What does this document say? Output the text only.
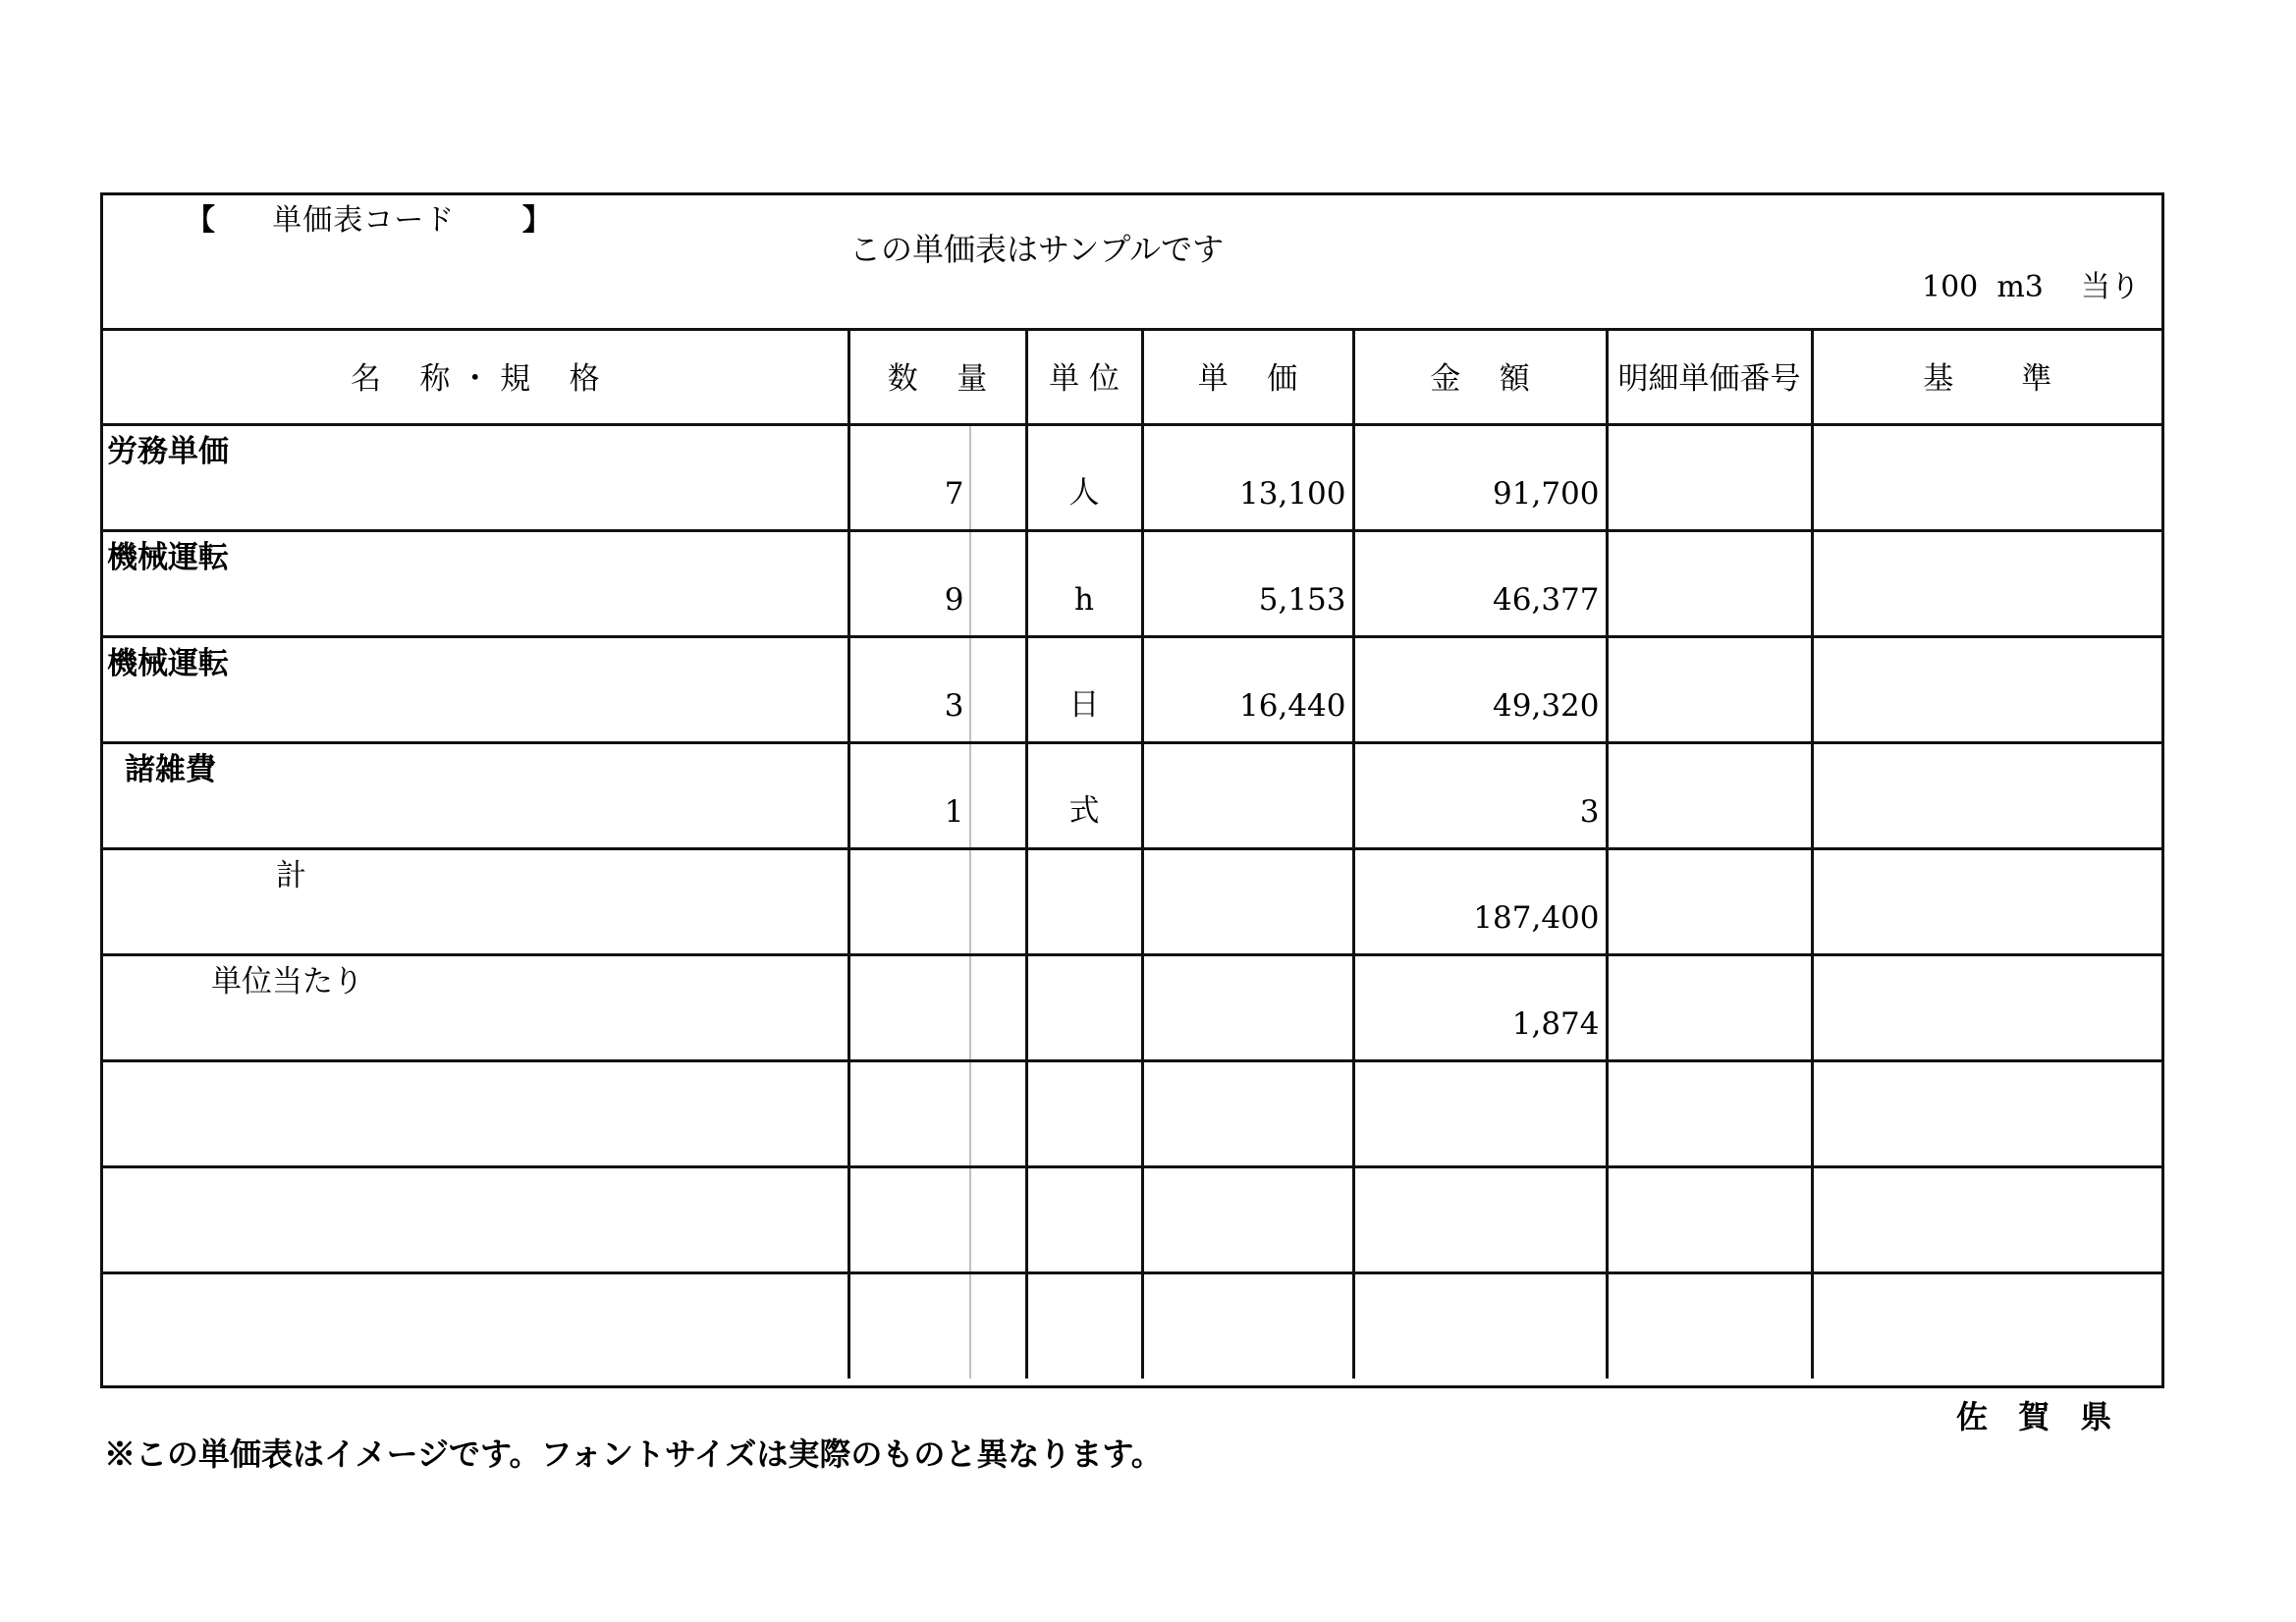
【 単価表コード 】
この単価表はサンプルです
100  m3    当り
名    称 ・ 規    格	数    量	単 位	単    価	金    額	明細単価番号	基       準

労務単価	7	人	13,100	91,700		

機械運転	9	h	5,153	46,377		

機械運転	3	日	16,440	49,320		

諸雑費	1	式		3		

計				187,400		

単位当たり				1,874		

佐 賀 県
※この単価表はイメージです。フォントサイズは実際のものと異なります。
